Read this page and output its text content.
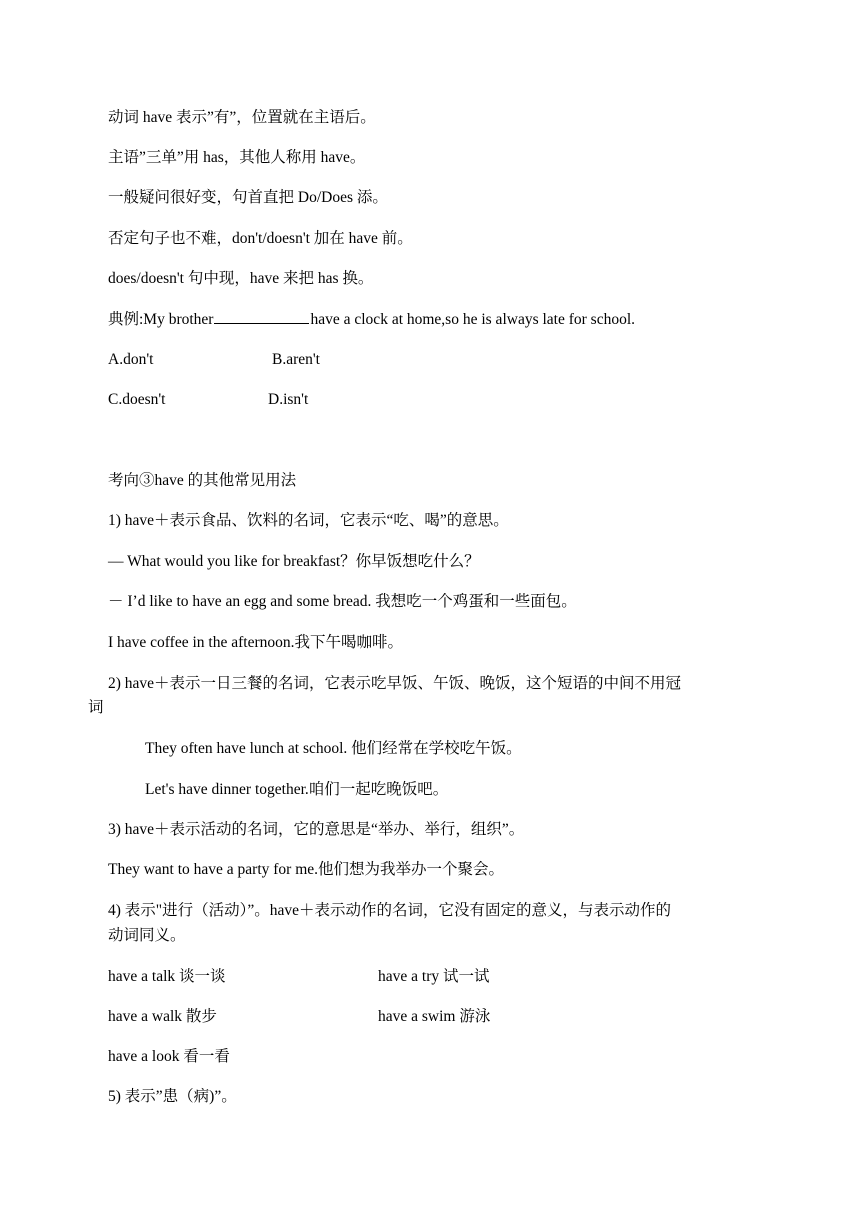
动词 have 表示”有”，位置就在主语后。
主语”三单”用 has，其他人称用 have。
一般疑问很好变，句首直把 Do/Does 添。
否定句子也不难，don't/doesn't 加在 have 前。
does/doesn't 句中现，have 来把 has 换。
典例:My brother	have a clock at home,so he is always late for school.
A.don't	B.aren't
C.doesn't	D.isn't
考向③have 的其他常见用法
1) have＋表示食品、饮料的名词，它表示“吃、喝”的意思。
— What would you like for breakfast？你早饭想吃什么？
－ I’d like to have an egg and some bread. 我想吃一个鸡蛋和一些面包。
I have coffee in the afternoon.我下午喝咖啡。
2) have＋表示一日三餐的名词，它表示吃早饭、午饭、晚饭，这个短语的中间不用冠
词
They often have lunch at school. 他们经常在学校吃午饭。
Let's have dinner together.咱们一起吃晚饭吧。
3) have＋表示活动的名词，它的意思是“举办、举行，组织”。
They want to have a party for me.他们想为我举办一个聚会。
4) 表示"进行（活动）”。have＋表示动作的名词，它没有固定的意义，与表示动作的
动词同义。
have a talk 谈一谈	have a try 试一试
have a walk 散步	have a swim 游泳
have a look 看一看
5) 表示”患（病)”。
